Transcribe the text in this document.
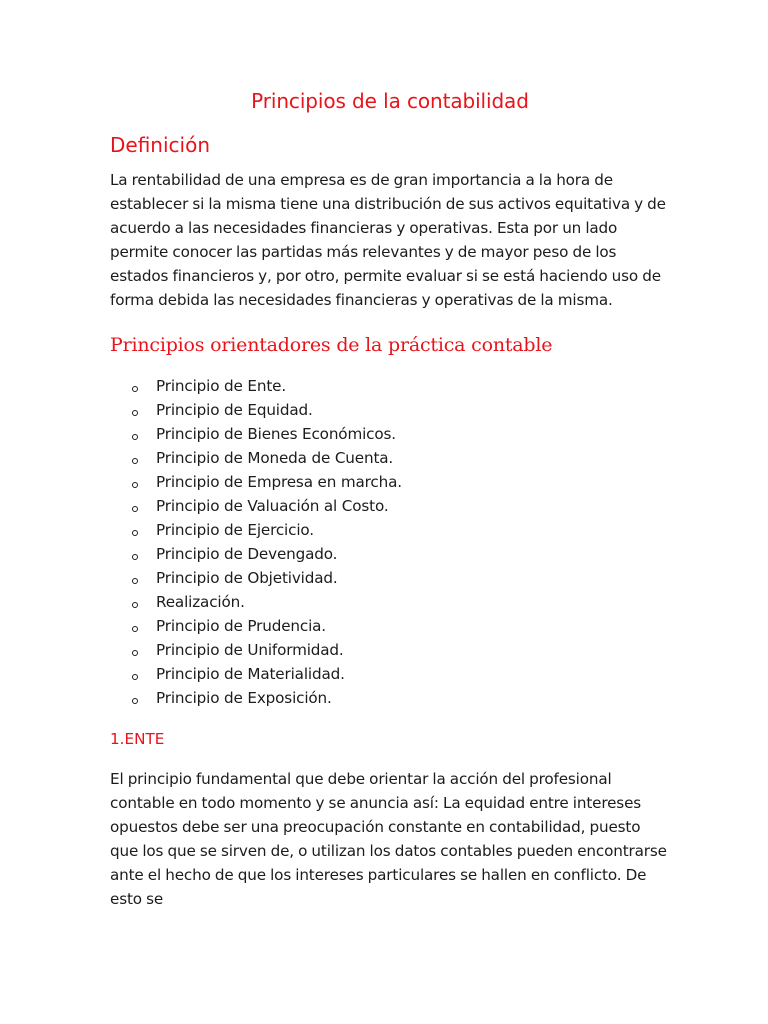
Principios de la contabilidad
Definición

La rentabilidad de una empresa es de gran importancia a la hora de establecer si la misma tiene una distribución de sus activos equitativa y de acuerdo a las necesidades financieras y operativas. Esta por un lado permite conocer las partidas más relevantes y de mayor peso de los estados financieros y, por otro, permite evaluar si se está haciendo uso de forma debida las necesidades financieras y operativas de la misma.

Principios orientadores de la práctica contable
Principio de Ente.
Principio de Equidad.
Principio de Bienes Económicos.
Principio de Moneda de Cuenta.
Principio de Empresa en marcha.
Principio de Valuación al Costo.
Principio de Ejercicio.
Principio de Devengado.
Principio de Objetividad.
Realización.
Principio de Prudencia.
Principio de Uniformidad.
Principio de Materialidad.
Principio de Exposición.
1.ENTE

El principio fundamental que debe orientar la acción del profesional contable en todo momento y se anuncia así: La equidad entre intereses opuestos debe ser una preocupación constante en contabilidad, puesto que los que se sirven de, o utilizan los datos contables pueden encontrarse ante el hecho de que los intereses particulares se hallen en conflicto. De esto se
